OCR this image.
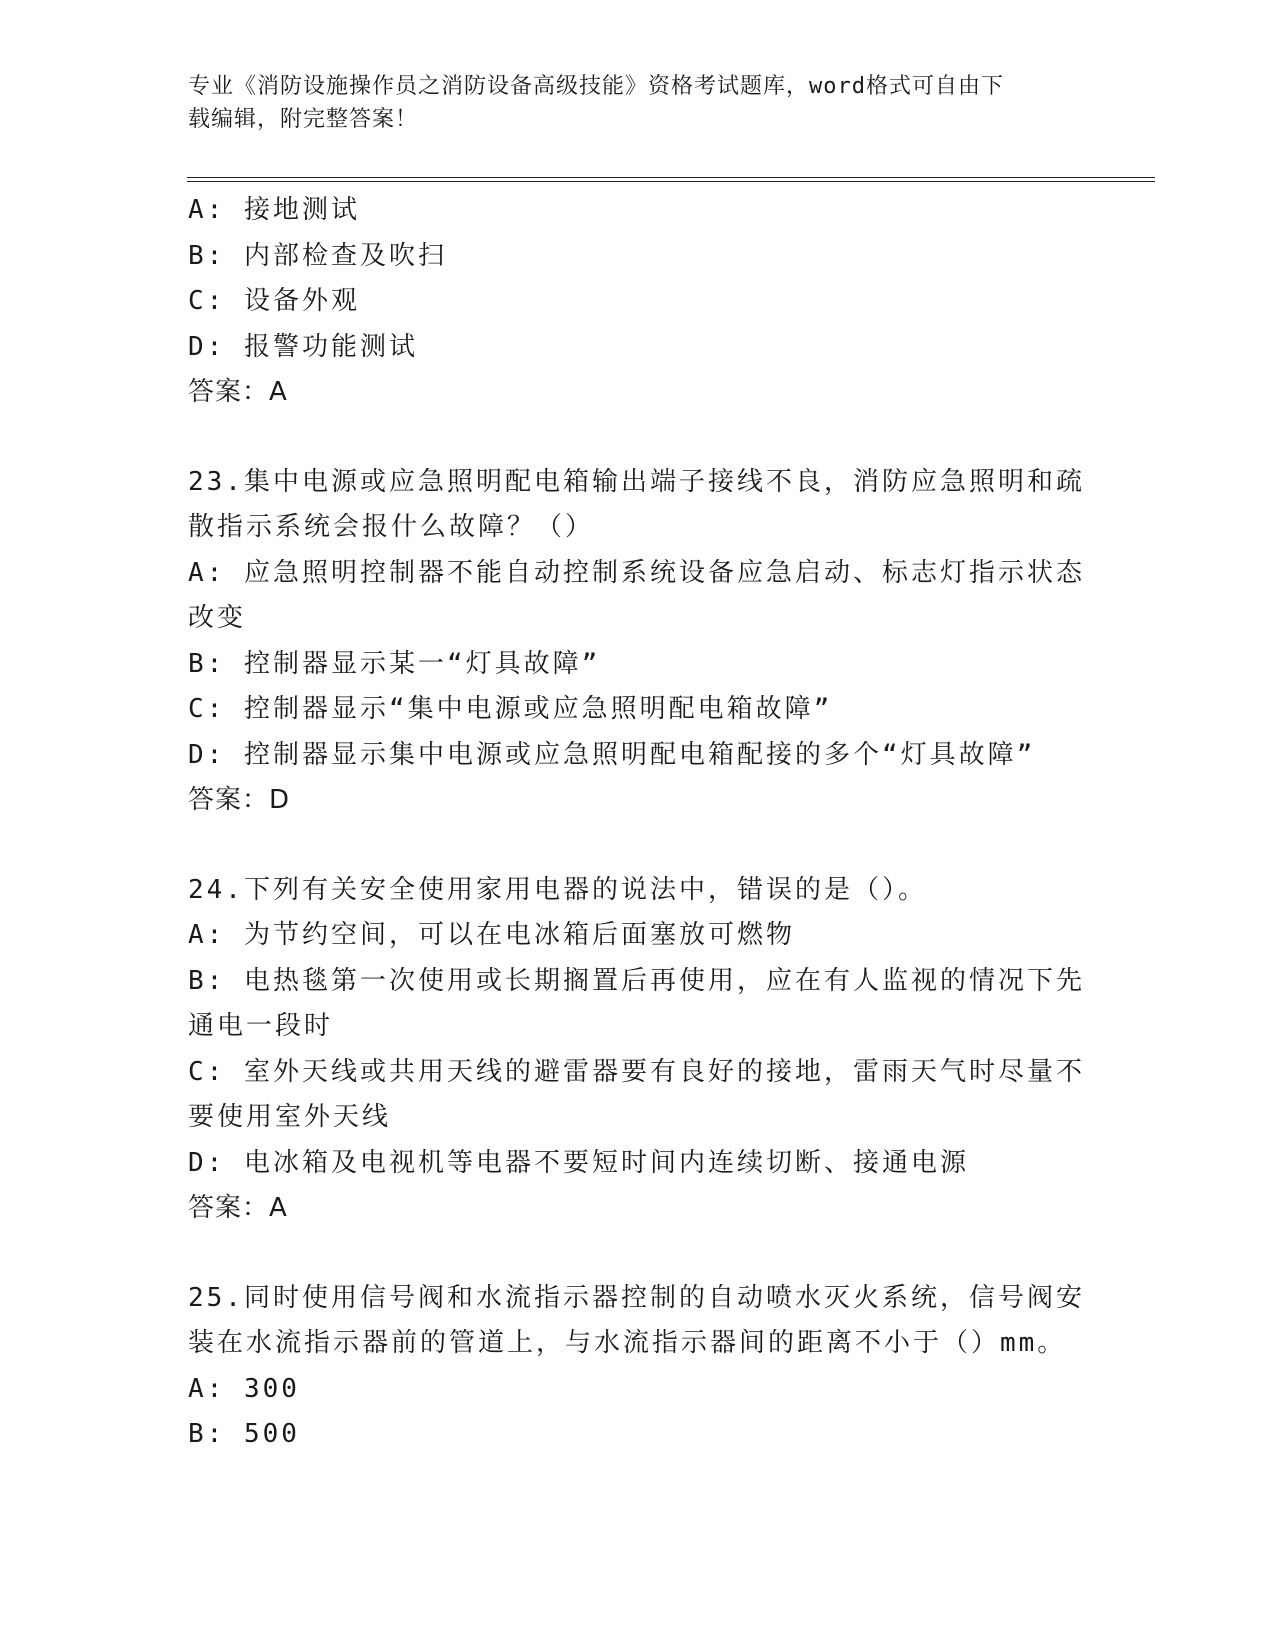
专业《消防设施操作员之消防设备高级技能》资格考试题库，word格式可自由下
载编辑，附完整答案！
A: 接地测试
B: 内部检查及吹扫
C: 设备外观
D: 报警功能测试
答案：A
23.集中电源或应急照明配电箱输出端子接线不良，消防应急照明和疏
散指示系统会报什么故障？（）
A: 应急照明控制器不能自动控制系统设备应急启动、标志灯指示状态
改变
B: 控制器显示某一“灯具故障”
C: 控制器显示“集中电源或应急照明配电箱故障”
D: 控制器显示集中电源或应急照明配电箱配接的多个“灯具故障”
答案：D
24.下列有关安全使用家用电器的说法中，错误的是（）。
A: 为节约空间，可以在电冰箱后面塞放可燃物
B: 电热毯第一次使用或长期搁置后再使用，应在有人监视的情况下先
通电一段时
C: 室外天线或共用天线的避雷器要有良好的接地，雷雨天气时尽量不
要使用室外天线
D: 电冰箱及电视机等电器不要短时间内连续切断、接通电源
答案：A
25.同时使用信号阀和水流指示器控制的自动喷水灭火系统，信号阀安
装在水流指示器前的管道上，与水流指示器间的距离不小于（）mm。
A: 300
B: 500
